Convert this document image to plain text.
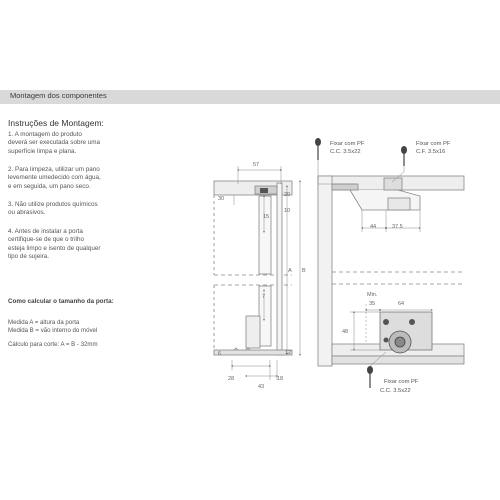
Montagem dos componentes
Instruções de Montagem:
1. A montagem do produto
deverá ser executada sobre uma
superfície limpa e plana.
2. Para limpeza, utilizar um pano
levemente umedecido com água,
e em seguida, um pano seco.
3. Não utilize produtos químicos
ou abrasivos.
4. Antes de instalar a porta
certifique-se de que o trilho
esteja limpo e isento de qualquer
tipo de sujeira.
Como calcular o tamanho da porta:
Medida A = altura da porta
Medida B = vão interno do móvel
Cálculo para corte: A = B - 32mm
57
30
20
10
15
A B
7
6	12
28	18
43
44	37.5
Min.
35	64
48
Fixar com PF
C.C. 3.5x22
Fixar com PF
C.F. 3.5x16
Fixar com PF
C.C. 3.5x22
